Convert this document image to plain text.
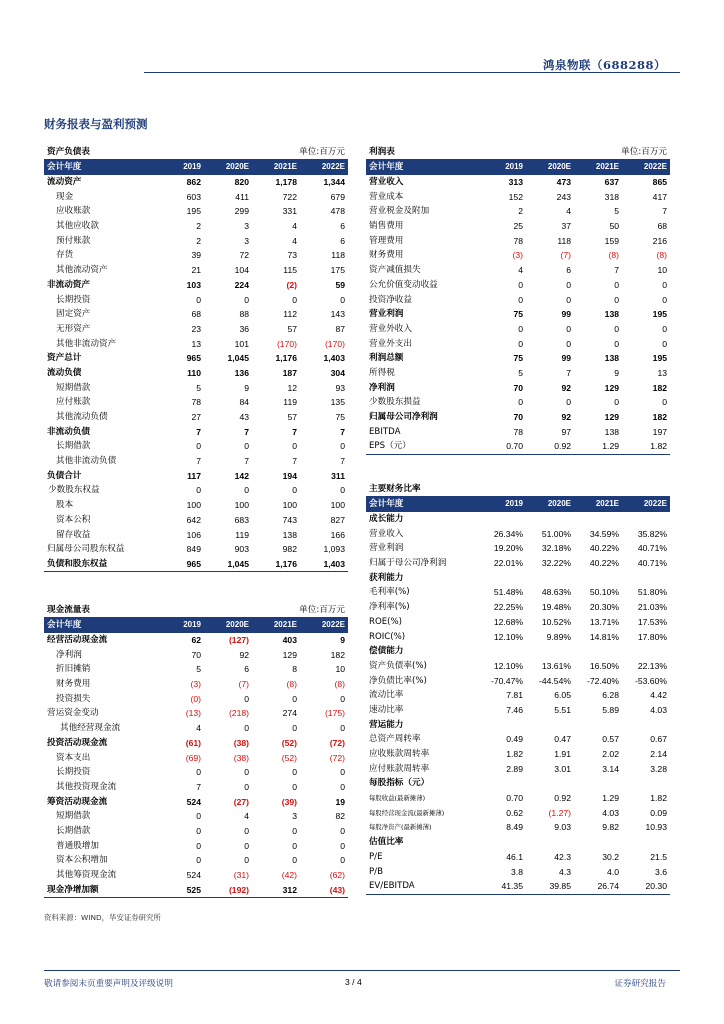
鸿泉物联（688288）
财务报表与盈利预测
资产负债表			单位:百万元	
会计年度	2019	2020E	2021E	2022E
流动资产	862	820	1,178	1,344
现金	603	411	722	679
应收账款	195	299	331	478
其他应收款	2	3	4	6
预付账款	2	3	4	6
存货	39	72	73	118
其他流动资产	21	104	115	175
非流动资产	103	224	(2)	59
长期投资	0	0	0	0
固定资产	68	88	112	143
无形资产	23	36	57	87
其他非流动资产	13	101	(170)	(170)
资产总计	965	1,045	1,176	1,403
流动负债	110	136	187	304
短期借款	5	9	12	93
应付账款	78	84	119	135
其他流动负债	27	43	57	75
非流动负债	7	7	7	7
长期借款	0	0	0	0
其他非流动负债	7	7	7	7
负债合计	117	142	194	311
少数股东权益	0	0	0	0
股本	100	100	100	100
资本公积	642	683	743	827
留存收益	106	119	138	166
归属母公司股东权益	849	903	982	1,093
负债和股东权益	965	1,045	1,176	1,403
利润表			单位:百万元	
会计年度	2019	2020E	2021E	2022E
营业收入	313	473	637	865
营业成本	152	243	318	417
营业税金及附加	2	4	5	7
销售费用	25	37	50	68
管理费用	78	118	159	216
财务费用	(3)	(7)	(8)	(8)
资产减值损失	4	6	7	10
公允价值变动收益	0	0	0	0
投资净收益	0	0	0	0
营业利润	75	99	138	195
营业外收入	0	0	0	0
营业外支出	0	0	0	0
利润总额	75	99	138	195
所得税	5	7	9	13
净利润	70	92	129	182
少数股东损益	0	0	0	0
归属母公司净利润	70	92	129	182
EBITDA	78	97	138	197
EPS（元）	0.70	0.92	1.29	1.82
主要财务比率				
会计年度	2019	2020E	2021E	2022E
成长能力				
营业收入	26.34%	51.00%	34.59%	35.82%
营业利润	19.20%	32.18%	40.22%	40.71%
归属于母公司净利润	22.01%	32.22%	40.22%	40.71%
获利能力				
毛利率(%)	51.48%	48.63%	50.10%	51.80%
净利率(%)	22.25%	19.48%	20.30%	21.03%
ROE(%)	12.68%	10.52%	13.71%	17.53%
ROIC(%)	12.10%	9.89%	14.81%	17.80%
偿债能力				
资产负债率(%)	12.10%	13.61%	16.50%	22.13%
净负债比率(%)	-70.47%	-44.54%	-72.40%	-53.60%
流动比率	7.81	6.05	6.28	4.42
速动比率	7.46	5.51	5.89	4.03
营运能力				
总资产周转率	0.49	0.47	0.57	0.67
应收账款周转率	1.82	1.91	2.02	2.14
应付账款周转率	2.89	3.01	3.14	3.28
每股指标（元）				
每股收益(最新摊薄)	0.70	0.92	1.29	1.82
每股经营现金流(最新摊薄)	0.62	(1.27)	4.03	0.09
每股净资产(最新摊薄)	8.49	9.03	9.82	10.93
估值比率				
P/E	46.1	42.3	30.2	21.5
P/B	3.8	4.3	4.0	3.6
EV/EBITDA	41.35	39.85	26.74	20.30
现金流量表			单位:百万元	
会计年度	2019	2020E	2021E	2022E
经营活动现金流	62	(127)	403	9
净利润	70	92	129	182
折旧摊销	5	6	8	10
财务费用	(3)	(7)	(8)	(8)
投资损失	(0)	0	0	0
营运资金变动	(13)	(218)	274	(175)
其他经营现金流	4	0	0	0
投资活动现金流	(61)	(38)	(52)	(72)
资本支出	(69)	(38)	(52)	(72)
长期投资	0	0	0	0
其他投资现金流	7	0	0	0
筹资活动现金流	524	(27)	(39)	19
短期借款	0	4	3	82
长期借款	0	0	0	0
普通股增加	0	0	0	0
资本公积增加	0	0	0	0
其他筹资现金流	524	(31)	(42)	(62)
现金净增加额	525	(192)	312	(43)
资料来源：WIND，华安证券研究所
敬请参阅末页重要声明及评级说明	3 / 4	证券研究报告
